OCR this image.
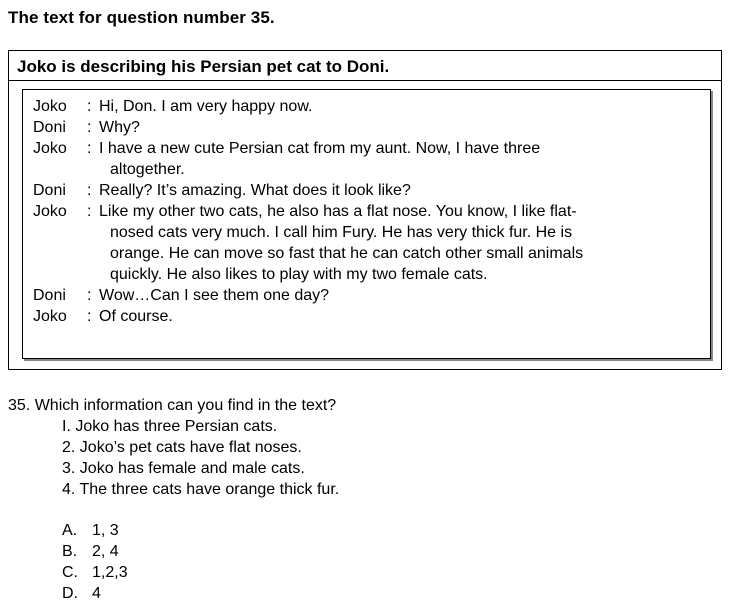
The text for question number 35.
Joko is describing his Persian pet cat to Doni.
Joko	: Hi, Don. I am very happy now.
Doni	: Why?
Joko	: I have a new cute Persian cat from my aunt. Now, I have three
altogether.
Doni	: Really? It’s amazing. What does it look like?
Joko	: Like my other two cats, he also has a flat nose. You know, I like flat-
nosed cats very much. I call him Fury. He has very thick fur. He is
orange. He can move so fast that he can catch other small animals
quickly. He also likes to play with my two female cats.
Doni	: Wow…Can I see them one day?
Joko	: Of course.
35. Which information can you find in the text?
I. Joko has three Persian cats.
2. Joko’s pet cats have flat noses.
3. Joko has female and male cats.
4. The three cats have orange thick fur.
A. 1, 3
B. 2, 4
C. 1,2,3
D. 4
